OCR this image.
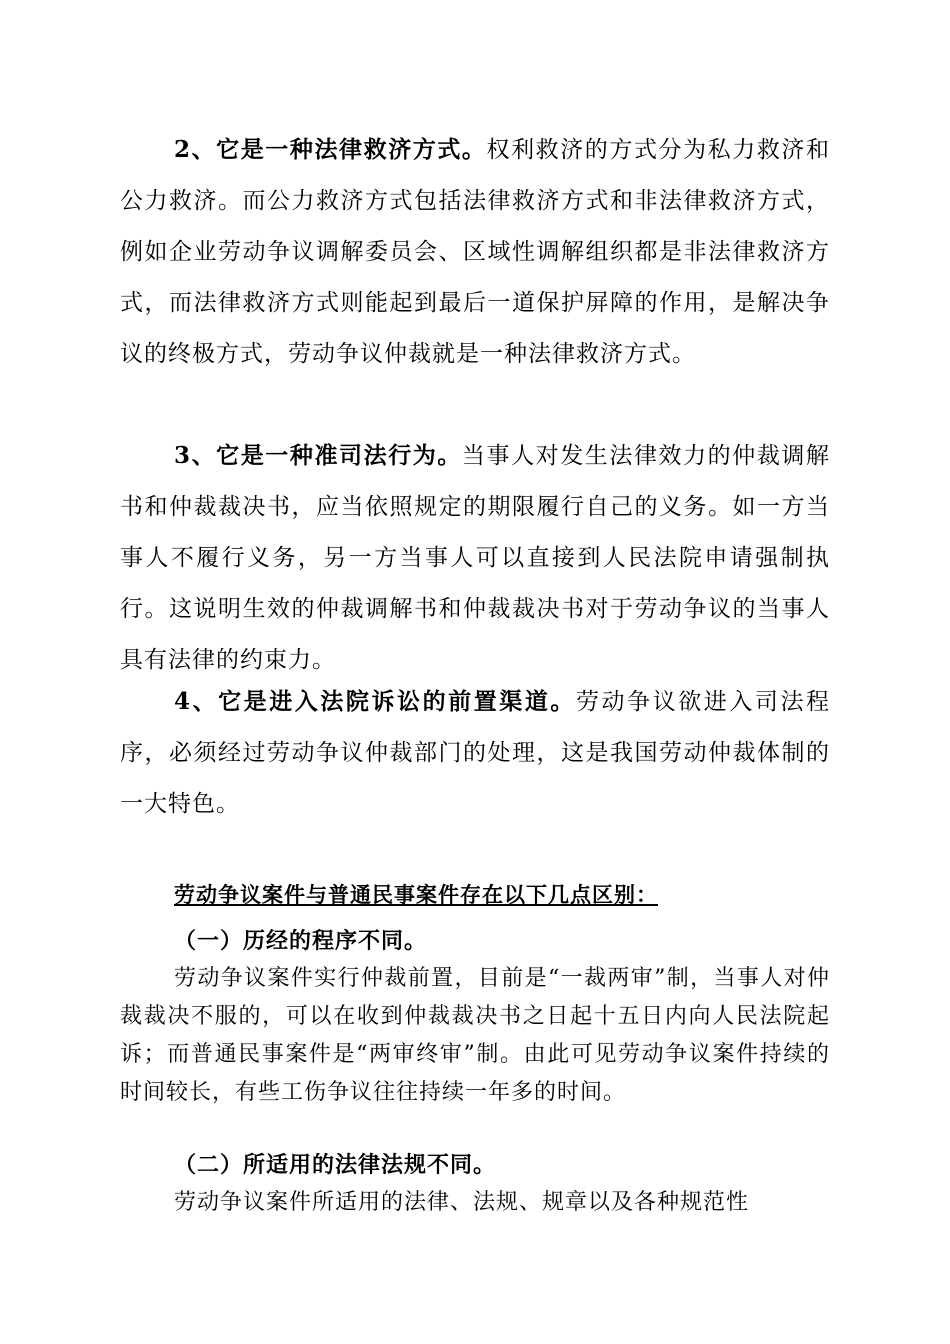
2、它是一种法律救济方式。权利救济的方式分为私力救济和公力救济。而公力救济方式包括法律救济方式和非法律救济方式，例如企业劳动争议调解委员会、区域性调解组织都是非法律救济方式，而法律救济方式则能起到最后一道保护屏障的作用，是解决争议的终极方式，劳动争议仲裁就是一种法律救济方式。

3、它是一种准司法行为。当事人对发生法律效力的仲裁调解书和仲裁裁决书，应当依照规定的期限履行自己的义务。如一方当事人不履行义务，另一方当事人可以直接到人民法院申请强制执行。这说明生效的仲裁调解书和仲裁裁决书对于劳动争议的当事人具有法律的约束力。

4、它是进入法院诉讼的前置渠道。劳动争议欲进入司法程序，必须经过劳动争议仲裁部门的处理，这是我国劳动仲裁体制的一大特色。

劳动争议案件与普通民事案件存在以下几点区别：

（一）历经的程序不同。

劳动争议案件实行仲裁前置，目前是“一裁两审”制，当事人对仲裁裁决不服的，可以在收到仲裁裁决书之日起十五日内向人民法院起诉；而普通民事案件是“两审终审”制。由此可见劳动争议案件持续的时间较长，有些工伤争议往往持续一年多的时间。

（二）所适用的法律法规不同。

劳动争议案件所适用的法律、法规、规章以及各种规范性
